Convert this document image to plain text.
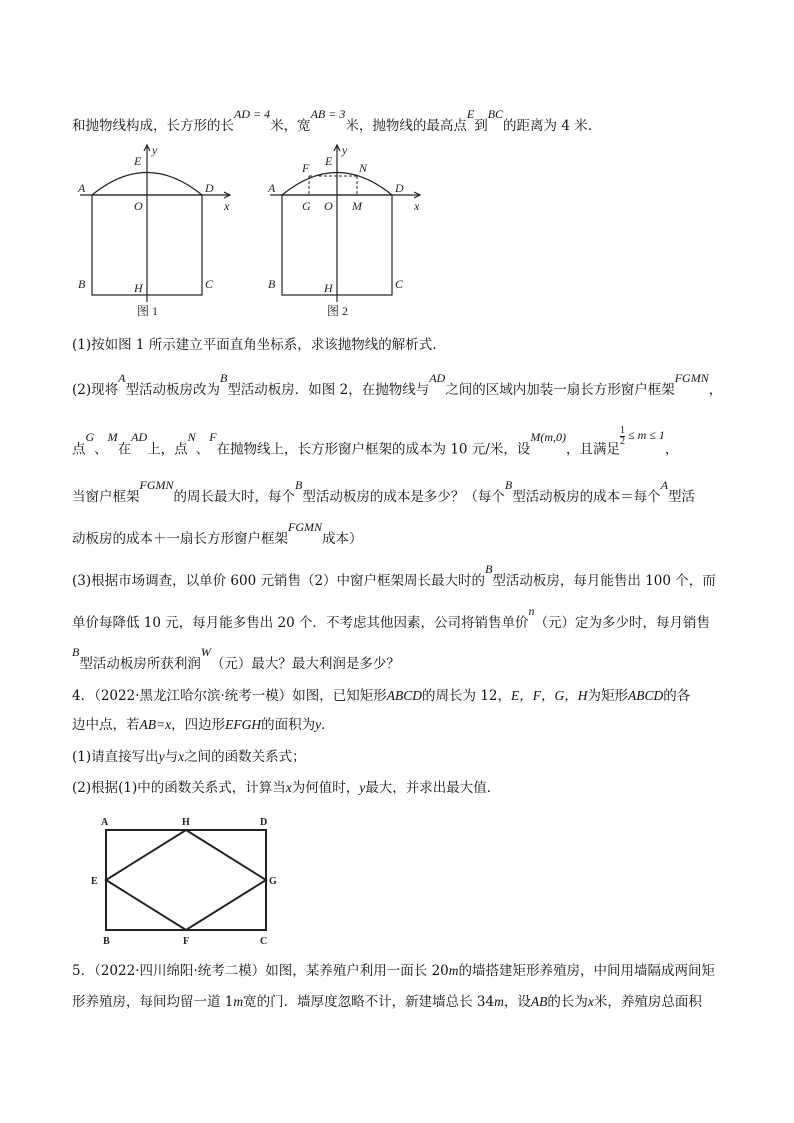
和抛物线构成，长方形的长AD = 4米，宽AB = 3米，抛物线的最高点E到BC的距离为 4 米．
A	D
E
O
B	C
H
x
y
图 1
A	D
E
F	N
G O M
B	C
H
x
y
图 2
(1)按如图 1 所示建立平面直角坐标系，求该抛物线的解析式．
(2)现将A型活动板房改为B型活动板房．如图 2，在抛物线与AD之间的区域内加装一扇长方形窗户框架FGMN，
点G、M在AD上，点N、F在抛物线上，长方形窗户框架的成本为 10 元/米，设M(m,0)，且满足
$\frac{1}{2} \le m \le 1$，
当窗户框架FGMN的周长最大时，每个B型活动板房的成本是多少？（每个B型活动板房的成本＝每个A型活
动板房的成本＋一扇长方形窗户框架FGMN成本）
(3)根据市场调查，以单价 600 元销售（2）中窗户框架周长最大时的B型活动板房，每月能售出 100 个，而
单价每降低 10 元，每月能多售出 20 个．不考虑其他因素，公司将销售单价n（元）定为多少时，每月销售
B型活动板房所获利润W（元）最大？最大利润是多少？
4．（2022·黑龙江哈尔滨·统考一模）如图，已知矩形ABCD的周长为 12，E，F，G，H为矩形ABCD的各
边中点，若AB=x，四边形EFGH的面积为y．
(1)请直接写出y与x之间的函数关系式；
(2)根据(1)中的函数关系式，计算当x为何值时，y最大，并求出最大值．
A	H	D
E	G
B	F	C
5．（2022·四川绵阳·统考二模）如图，某养殖户利用一面长 20m的墙搭建矩形养殖房，中间用墙隔成两间矩
形养殖房，每间均留一道 1m宽的门．墙厚度忽略不计，新建墙总长 34m，设AB的长为x米，养殖房总面积
